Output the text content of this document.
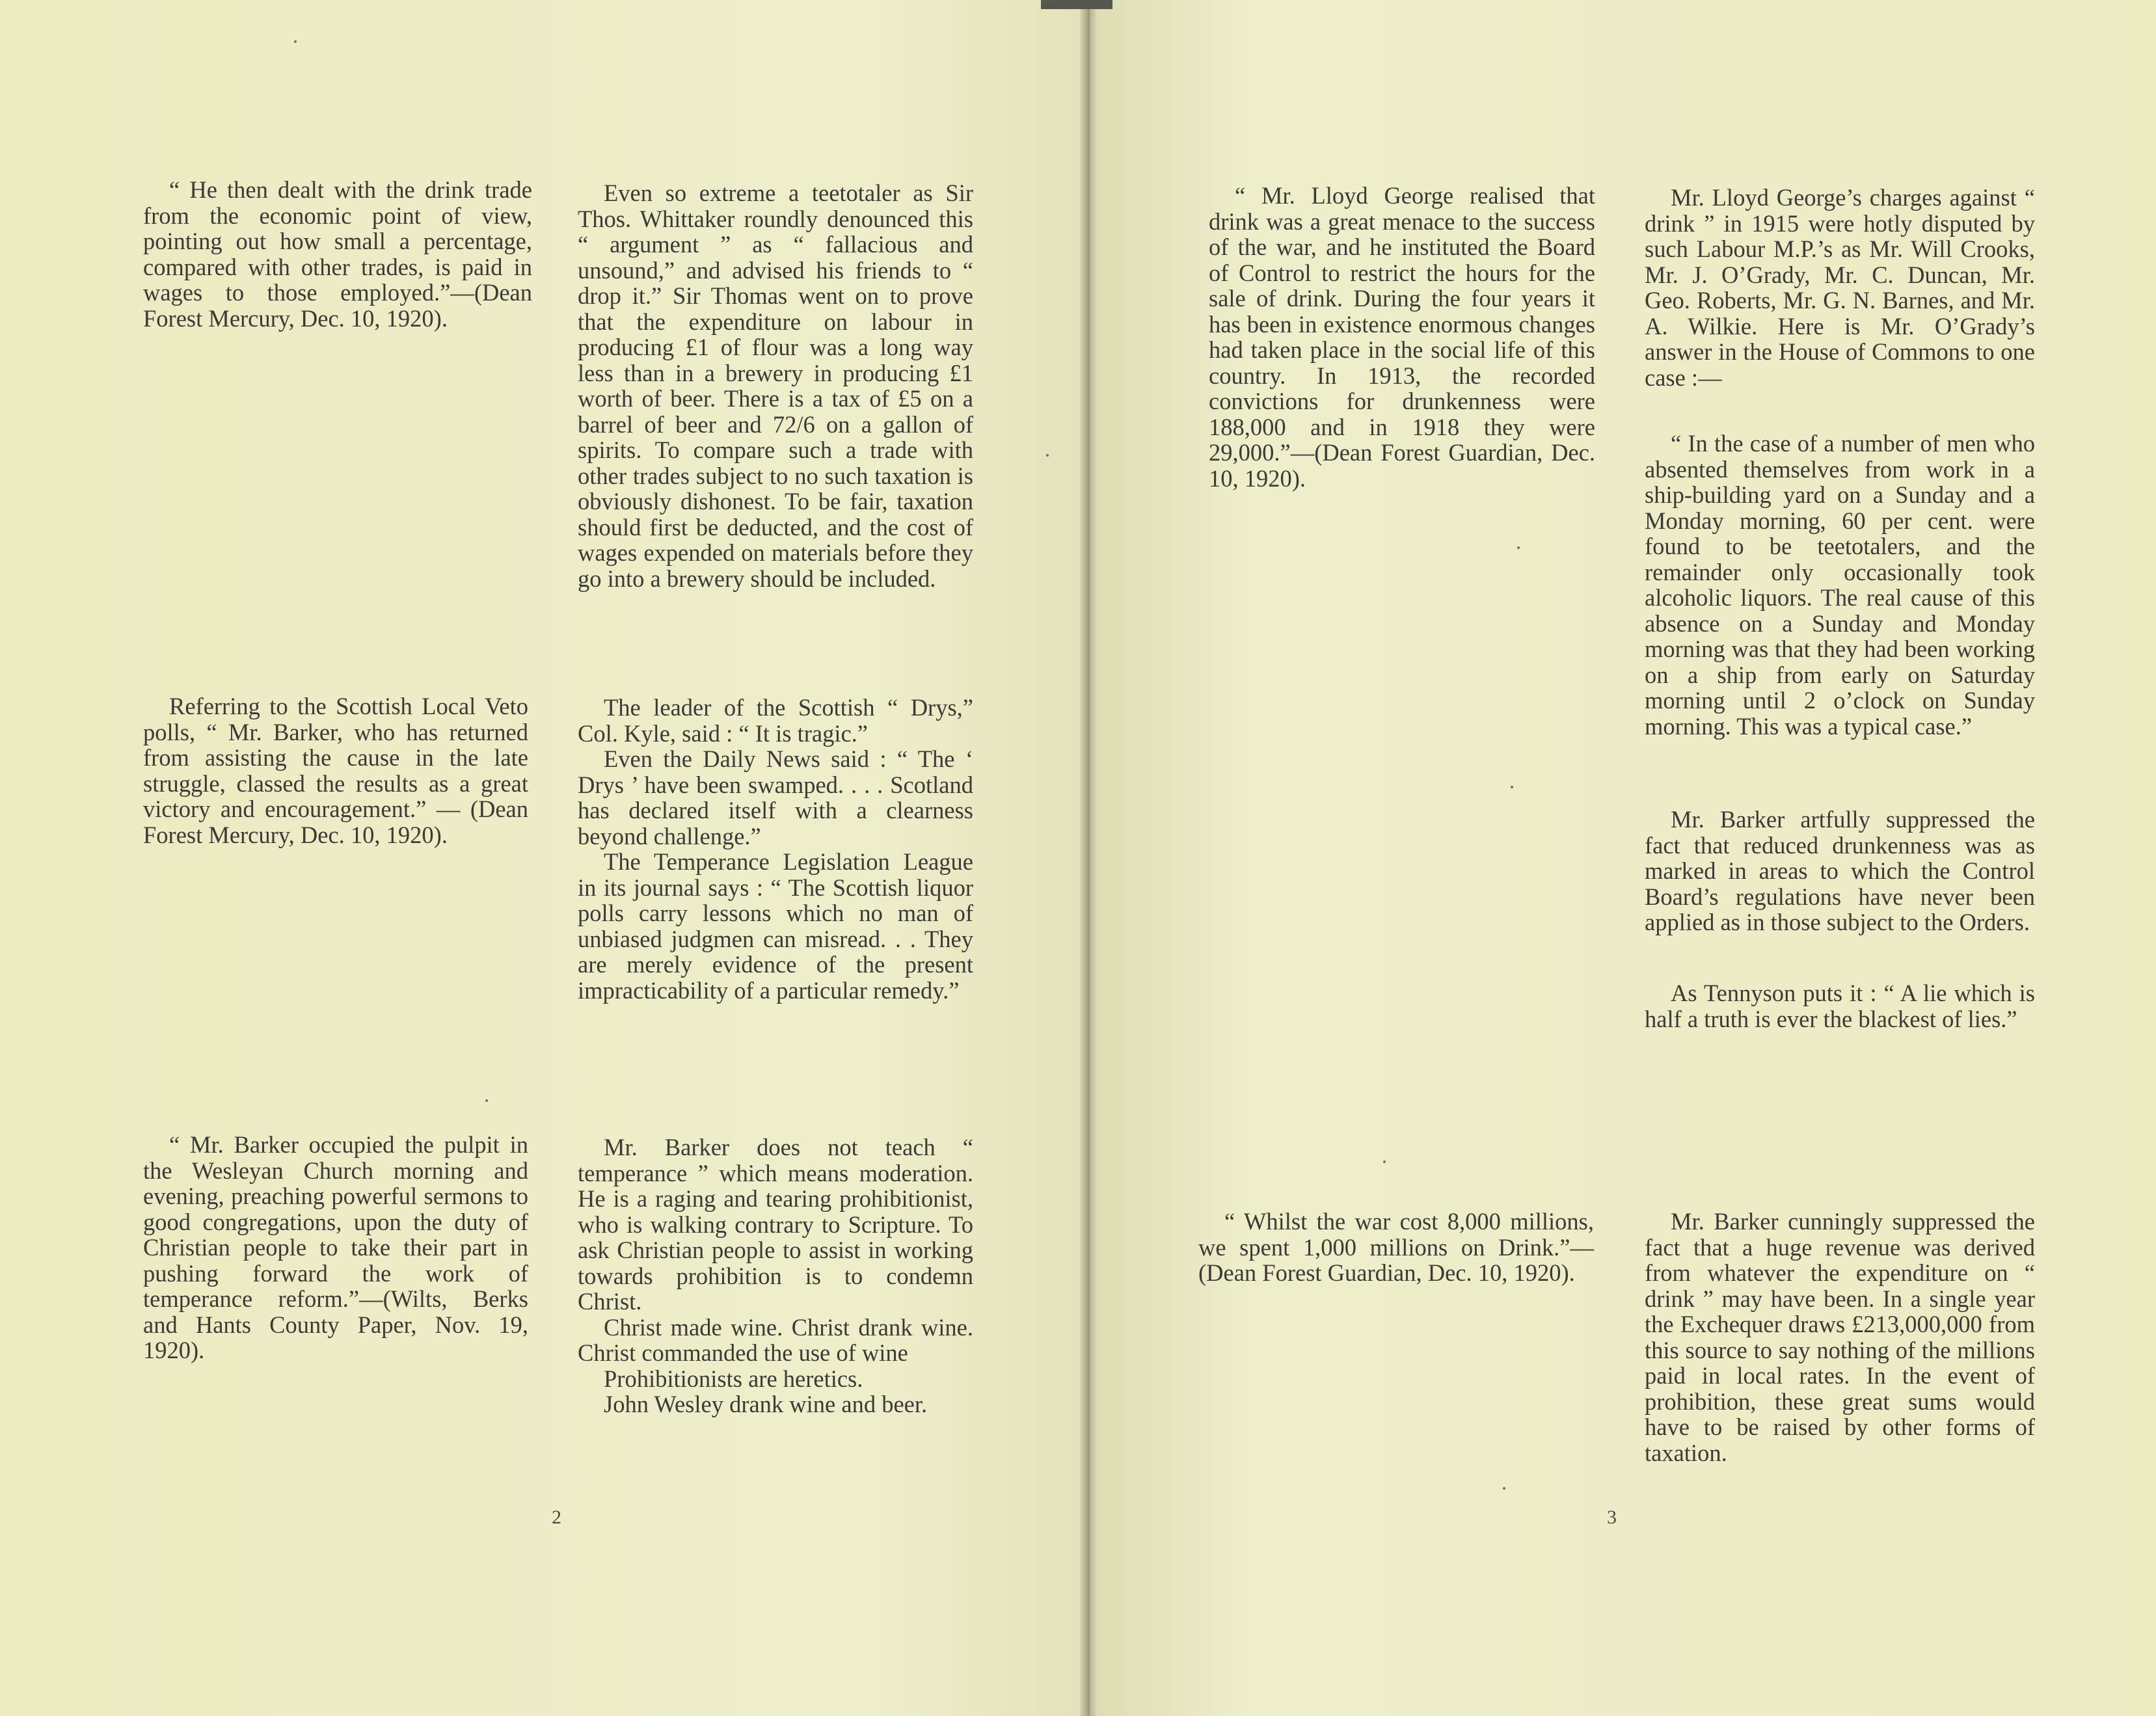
“ He then dealt with the drink trade from the economic point of view, pointing out how small a percentage, compared with other trades, is paid in wages to those employed.”—(Dean Forest Mercury, Dec. 10, 1920).

Referring to the Scottish Local Veto polls, “ Mr. Barker, who has returned from assisting the cause in the late struggle, classed the results as a great victory and encouragement.” — (Dean Forest Mercury, Dec. 10, 1920).

“ Mr. Barker occupied the pulpit in the Wesleyan Church morning and evening, preaching powerful sermons to good congregations, upon the duty of Christian people to take their part in pushing forward the work of temperance reform.”—(Wilts, Berks and Hants County Paper, Nov. 19, 1920).

Even so extreme a teetotaler as Sir Thos. Whittaker roundly denounced this “ argument ” as “ fallacious and unsound,” and advised his friends to “ drop it.” Sir Thomas went on to prove that the expenditure on labour in producing £1 of flour was a long way less than in a brewery in producing £1 worth of beer. There is a tax of £5 on a barrel of beer and 72/6 on a gallon of spirits. To compare such a trade with other trades subject to no such taxation is obviously dishonest. To be fair, taxation should first be deducted, and the cost of wages expended on materials before they go into a brewery should be included.

The leader of the Scottish “ Drys,” Col. Kyle, said : “ It is tragic.”

Even the Daily News said : “ The ‘ Drys ’ have been swamped. . . . Scotland has declared itself with a clearness beyond challenge.”

The Temperance Legislation League in its journal says : “ The Scottish liquor polls carry lessons which no man of unbiased judgmen can misread. . . They are merely evidence of the present impracticability of a particular remedy.”

Mr. Barker does not teach “ temperance ” which means moderation. He is a raging and tearing prohibitionist, who is walking contrary to Scripture. To ask Christian people to assist in working towards prohibition is to condemn Christ.

Christ made wine. Christ drank wine. Christ commanded the use of wine

Prohibitionists are heretics.

John Wesley drank wine and beer.

2

“ Mr. Lloyd George realised that drink was a great menace to the success of the war, and he instituted the Board of Control to restrict the hours for the sale of drink. During the four years it has been in existence enormous changes had taken place in the social life of this country. In 1913, the recorded convictions for drunkenness were 188,000 and in 1918 they were 29,000.”—(Dean Forest Guardian, Dec. 10, 1920).

“ Whilst the war cost 8,000 millions, we spent 1,000 millions on Drink.”—(Dean Forest Guardian, Dec. 10, 1920).

Mr. Lloyd George’s charges against “ drink ” in 1915 were hotly disputed by such Labour M.P.’s as Mr. Will Crooks, Mr. J. O’Grady, Mr. C. Duncan, Mr. Geo. Roberts, Mr. G. N. Barnes, and Mr. A. Wilkie. Here is Mr. O’Grady’s answer in the House of Commons to one case :—

“ In the case of a number of men who absented themselves from work in a ship-building yard on a Sunday and a Monday morning, 60 per cent. were found to be teetotalers, and the remainder only occasionally took alcoholic liquors. The real cause of this absence on a Sunday and Monday morning was that they had been working on a ship from early on Saturday morning until 2 o’clock on Sunday morning. This was a typical case.”

Mr. Barker artfully suppressed the fact that reduced drunkenness was as marked in areas to which the Control Board’s regulations have never been applied as in those subject to the Orders.

As Tennyson puts it : “ A lie which is half a truth is ever the blackest of lies.”

Mr. Barker cunningly suppressed the fact that a huge revenue was derived from whatever the expenditure on “ drink ” may have been. In a single year the Exchequer draws £213,000,000 from this source to say nothing of the millions paid in local rates. In the event of prohibition, these great sums would have to be raised by other forms of taxation.

3
